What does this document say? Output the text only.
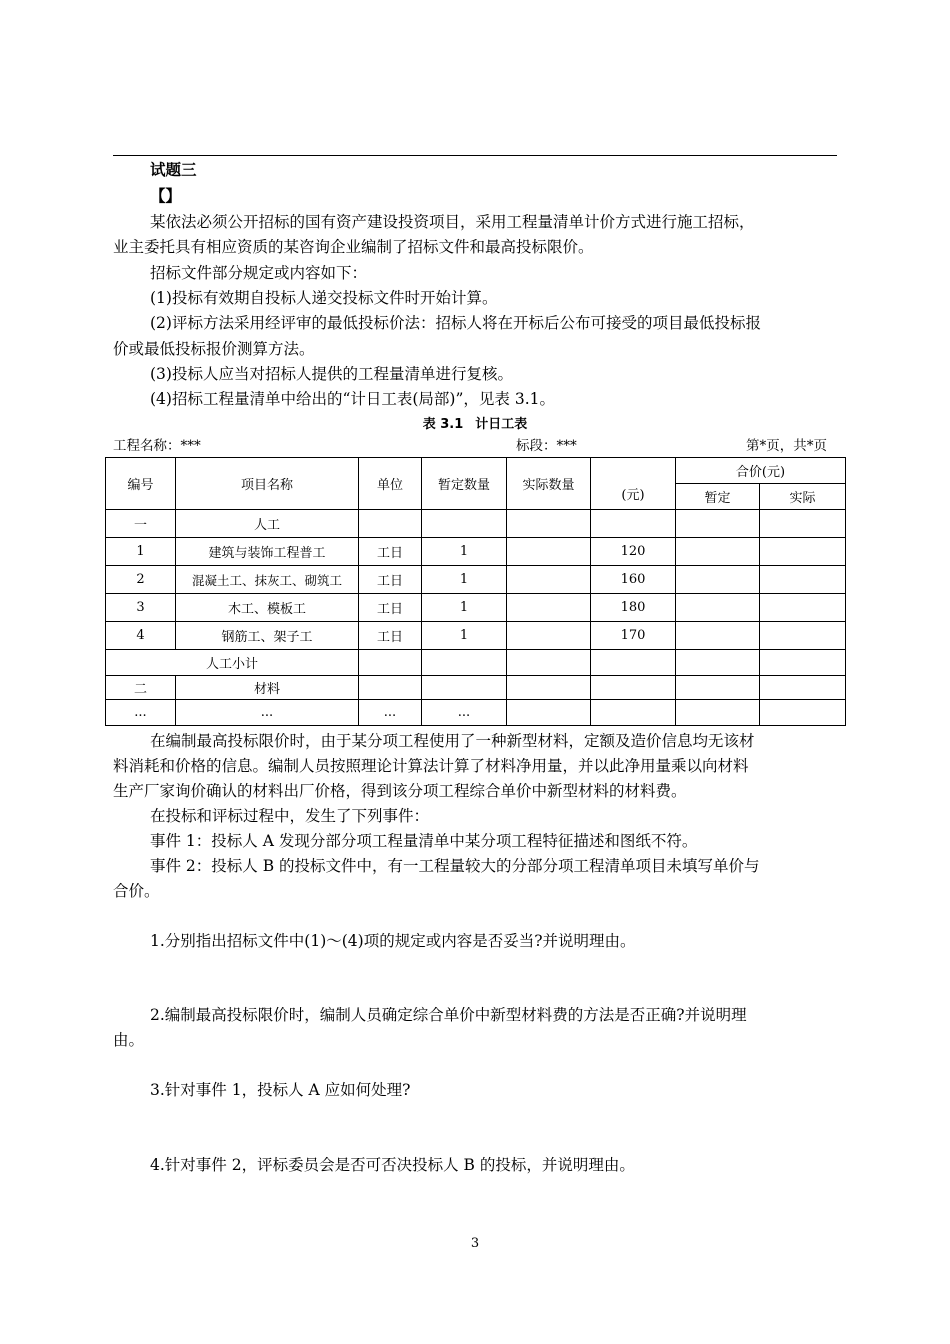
试题三
【】
某依法必须公开招标的国有资产建设投资项目，采用工程量清单计价方式进行施工招标，
业主委托具有相应资质的某咨询企业编制了招标文件和最高投标限价。
招标文件部分规定或内容如下：
(1)投标有效期自投标人递交投标文件时开始计算。
(2)评标方法采用经评审的最低投标价法：招标人将在开标后公布可接受的项目最低投标报
价或最低投标报价测算方法。
(3)投标人应当对招标人提供的工程量清单进行复核。
(4)招标工程量清单中给出的“计日工表(局部)”，见表 3.1。
表 3.1 计日工表
工程名称：***	标段：***	第*页，共*页
编号	项目名称	单位	暂定数量	实际数量	(元)	合价(元)	
						暂定	实际
一	人工						
1	建筑与装饰工程普工	工日	1		120		
2	混凝土工、抹灰工、砌筑工	工日	1		160		
3	木工、模板工	工日	1		180		
4	钢筋工、架子工	工日	1		170		
人工小计							
二	材料						
...	...	...	...				
在编制最高投标限价时，由于某分项工程使用了一种新型材料，定额及造价信息均无该材
料消耗和价格的信息。编制人员按照理论计算法计算了材料净用量，并以此净用量乘以向材料
生产厂家询价确认的材料出厂价格，得到该分项工程综合单价中新型材料的材料费。
在投标和评标过程中，发生了下列事件：
事件 1：投标人 A 发现分部分项工程量清单中某分项工程特征描述和图纸不符。
事件 2：投标人 B 的投标文件中，有一工程量较大的分部分项工程清单项目未填写单价与
合价。
1.分别指出招标文件中(1)～(4)项的规定或内容是否妥当?并说明理由。
2.编制最高投标限价时，编制人员确定综合单价中新型材料费的方法是否正确?并说明理
由。
3.针对事件 1，投标人 A 应如何处理?
4.针对事件 2，评标委员会是否可否决投标人 B 的投标，并说明理由。
3
